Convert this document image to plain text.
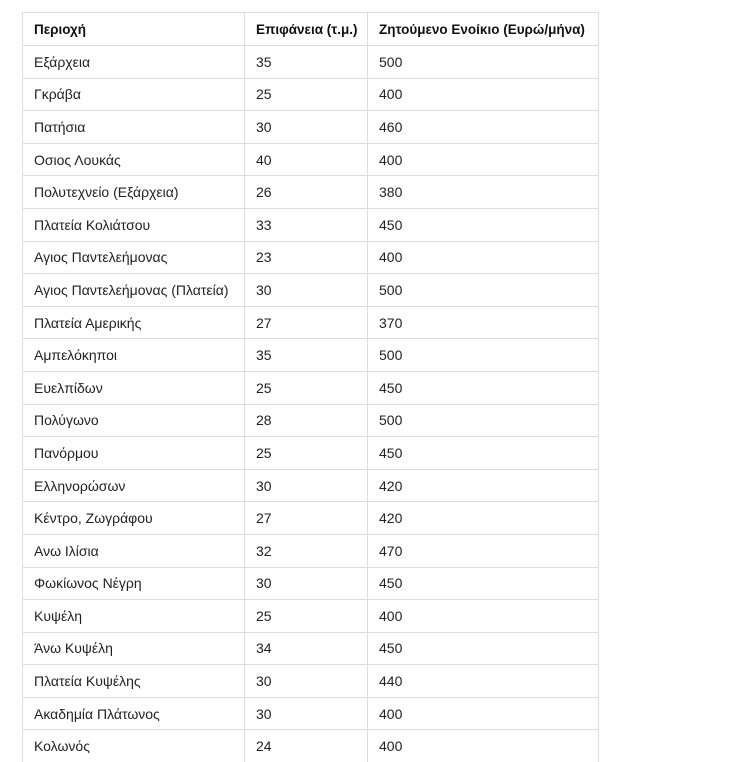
Περιοχή	Επιφάνεια (τ.μ.)	Ζητούμενο Ενοίκιο (Ευρώ/μήνα)
Εξάρχεια	35	500
Γκράβα	25	400
Πατήσια	30	460
Οσιος Λουκάς	40	400
Πολυτεχνείο (Εξάρχεια)	26	380
Πλατεία Κολιάτσου	33	450
Αγιος Παντελεήμονας	23	400
Αγιος Παντελεήμονας (Πλατεία)	30	500
Πλατεία Αμερικής	27	370
Αμπελόκηποι	35	500
Ευελπίδων	25	450
Πολύγωνο	28	500
Πανόρμου	25	450
Ελληνορώσων	30	420
Κέντρο, Ζωγράφου	27	420
Ανω Ιλίσια	32	470
Φωκίωνος Νέγρη	30	450
Κυψέλη	25	400
Άνω Κυψέλη	34	450
Πλατεία Κυψέλης	30	440
Ακαδημία Πλάτωνος	30	400
Κολωνός	24	400
